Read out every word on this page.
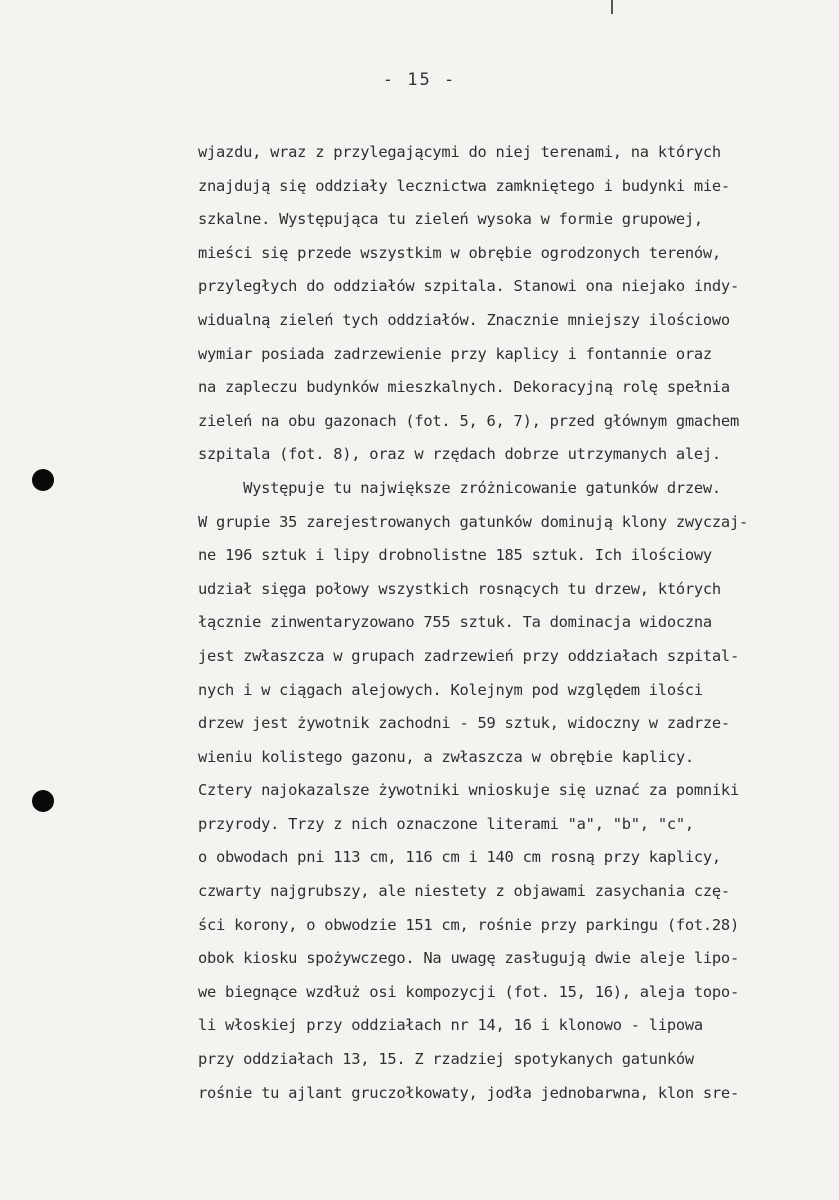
- 15 -
wjazdu, wraz z przylegającymi do niej terenami, na których
znajdują się oddziały lecznictwa zamkniętego i budynki mie-
szkalne. Występująca tu zieleń wysoka w formie grupowej,
mieści się przede wszystkim w obrębie ogrodzonych terenów,
przyległych do oddziałów szpitala. Stanowi ona niejako indy-
widualną zieleń tych oddziałów. Znacznie mniejszy ilościowo
wymiar posiada zadrzewienie przy kaplicy i fontannie oraz
na zapleczu budynków mieszkalnych. Dekoracyjną rolę spełnia
zieleń na obu gazonach (fot. 5, 6, 7), przed głównym gmachem
szpitala (fot. 8), oraz w rzędach dobrze utrzymanych alej.
Występuje tu największe zróżnicowanie gatunków drzew.
W grupie 35 zarejestrowanych gatunków dominują klony zwyczaj-
ne 196 sztuk i lipy drobnolistne 185 sztuk. Ich ilościowy
udział sięga połowy wszystkich rosnących tu drzew, których
łącznie zinwentaryzowano 755 sztuk. Ta dominacja widoczna
jest zwłaszcza w grupach zadrzewień przy oddziałach szpital-
nych i w ciągach alejowych. Kolejnym pod względem ilości
drzew jest żywotnik zachodni - 59 sztuk, widoczny w zadrze-
wieniu kolistego gazonu, a zwłaszcza w obrębie kaplicy.
Cztery najokazalsze żywotniki wnioskuje się uznać za pomniki
przyrody. Trzy z nich oznaczone literami "a", "b", "c",
o obwodach pni 113 cm, 116 cm i 140 cm rosną przy kaplicy,
czwarty najgrubszy, ale niestety z objawami zasychania czę-
ści korony, o obwodzie 151 cm, rośnie przy parkingu (fot.28)
obok kiosku spożywczego. Na uwagę zasługują dwie aleje lipo-
we biegnące wzdłuż osi kompozycji (fot. 15, 16), aleja topo-
li włoskiej przy oddziałach nr 14, 16 i klonowo - lipowa
przy oddziałach 13, 15. Z rzadziej spotykanych gatunków
rośnie tu ajlant gruczołkowaty, jodła jednobarwna, klon sre-
